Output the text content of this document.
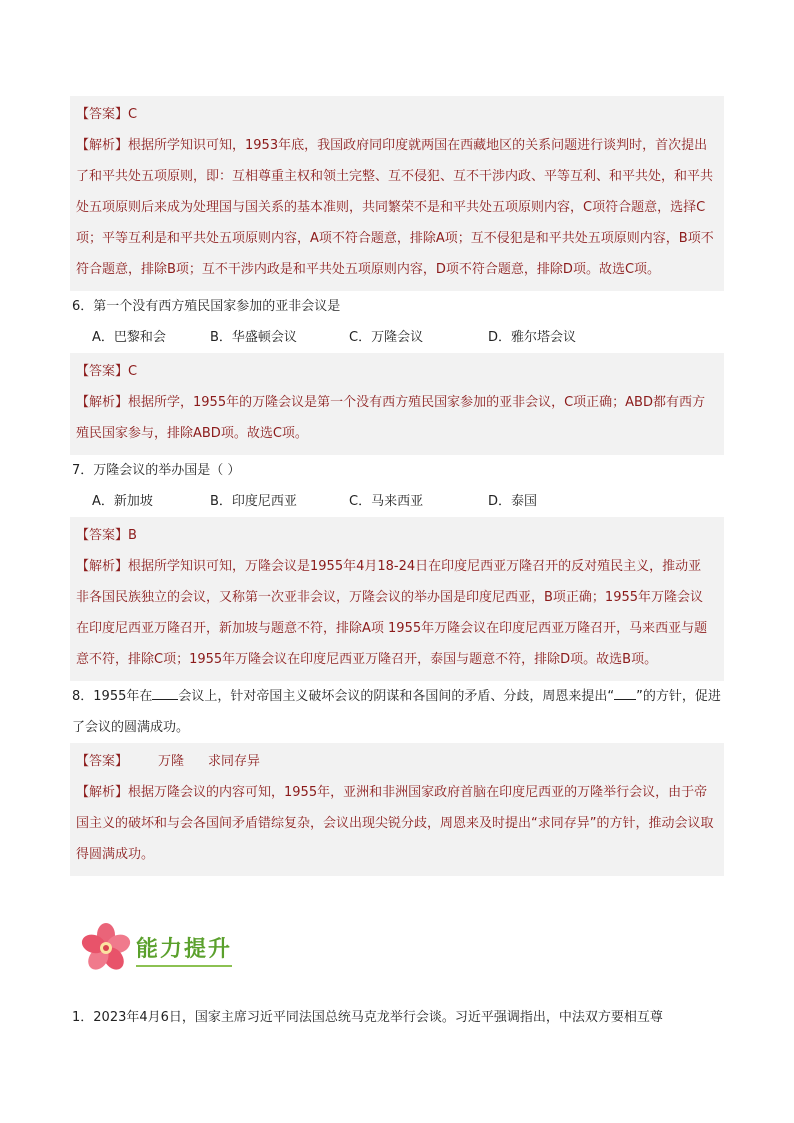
【答案】C

【解析】根据所学知识可知，1953年底，我国政府同印度就两国在西藏地区的关系问题进行谈判时，首次提出了和平共处五项原则，即：互相尊重主权和领土完整、互不侵犯、互不干涉内政、平等互利、和平共处，和平共处五项原则后来成为处理国与国关系的基本准则，共同繁荣不是和平共处五项原则内容，C项符合题意，选择C项；平等互利是和平共处五项原则内容，A项不符合题意，排除A项；互不侵犯是和平共处五项原则内容，B项不符合题意，排除B项；互不干涉内政是和平共处五项原则内容，D项不符合题意，排除D项。故选C项。

6．第一个没有西方殖民国家参加的亚非会议是

A．巴黎和会	B．华盛顿会议	C．万隆会议	D．雅尔塔会议

【答案】C

【解析】根据所学，1955年的万隆会议是第一个没有西方殖民国家参加的亚非会议，C项正确；ABD都有西方殖民国家参与，排除ABD项。故选C项。

7．万隆会议的举办国是（ ）

A．新加坡	B．印度尼西亚	C．马来西亚	D．泰国

【答案】B

【解析】根据所学知识可知，万隆会议是1955年4月18-24日在印度尼西亚万隆召开的反对殖民主义，推动亚非各国民族独立的会议，又称第一次亚非会议，万隆会议的举办国是印度尼西亚，B项正确；1955年万隆会议在印度尼西亚万隆召开，新加坡与题意不符，排除A项 1955年万隆会议在印度尼西亚万隆召开，马来西亚与题意不符，排除C项；1955年万隆会议在印度尼西亚万隆召开，泰国与题意不符，排除D项。故选B项。

8．1955年在 会议上，针对帝国主义破坏会议的阴谋和各国间的矛盾、分歧，周恩来提出“ ”的方针，促进了会议的圆满成功。

【答案】 万隆 求同存异

【解析】根据万隆会议的内容可知，1955年，亚洲和非洲国家政府首脑在印度尼西亚的万隆举行会议，由于帝国主义的破坏和与会各国间矛盾错综复杂，会议出现尖锐分歧，周恩来及时提出“求同存异”的方针，推动会议取得圆满成功。

能力提升

1．2023年4月6日，国家主席习近平同法国总统马克龙举行会谈。习近平强调指出，中法双方要相互尊
